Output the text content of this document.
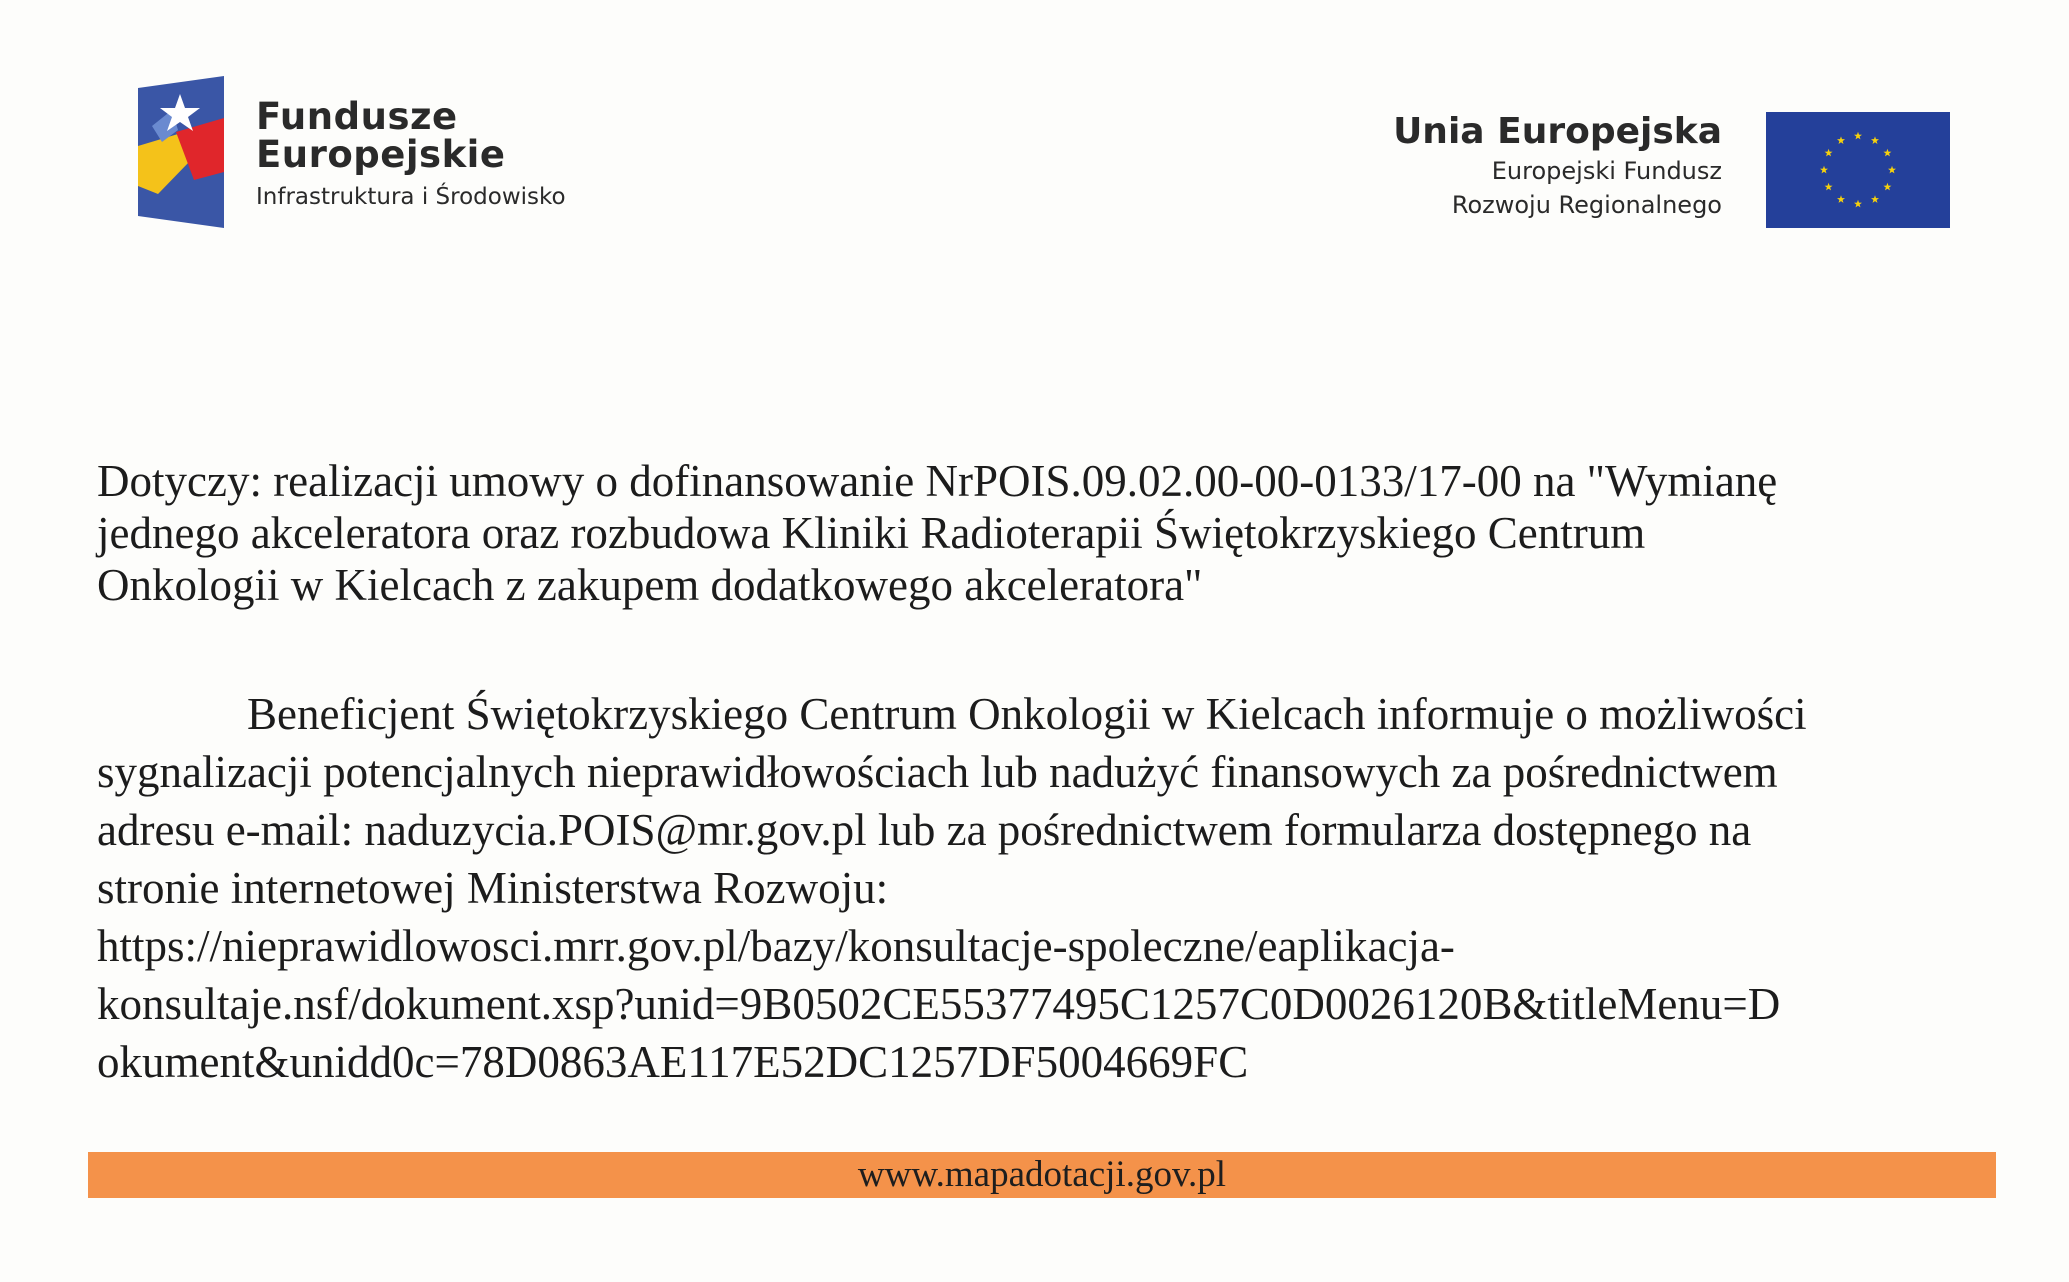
Fundusze
Europejskie
Infrastruktura i Środowisko
Unia Europejska
Europejski Fundusz
Rozwoju Regionalnego

Dotyczy: realizacji umowy o dofinansowanie NrPOIS.09.02.00-00-0133/17-00 na "Wymianę

jednego akceleratora oraz rozbudowa Kliniki Radioterapii Świętokrzyskiego Centrum

Onkologii w Kielcach z zakupem dodatkowego akceleratora"

Beneficjent Świętokrzyskiego Centrum Onkologii w Kielcach informuje o możliwości

sygnalizacji potencjalnych nieprawidłowościach lub nadużyć finansowych za pośrednictwem

adresu e-mail: naduzycia.POIS@mr.gov.pl lub za pośrednictwem formularza dostępnego na

stronie internetowej Ministerstwa Rozwoju:

https://nieprawidlowosci.mrr.gov.pl/bazy/konsultacje-spoleczne/eaplikacja-

konsultaje.nsf/dokument.xsp?unid=9B0502CE55377495C1257C0D0026120B&titleMenu=D

okument&unidd0c=78D0863AE117E52DC1257DF5004669FC

www.mapadotacji.gov.pl
